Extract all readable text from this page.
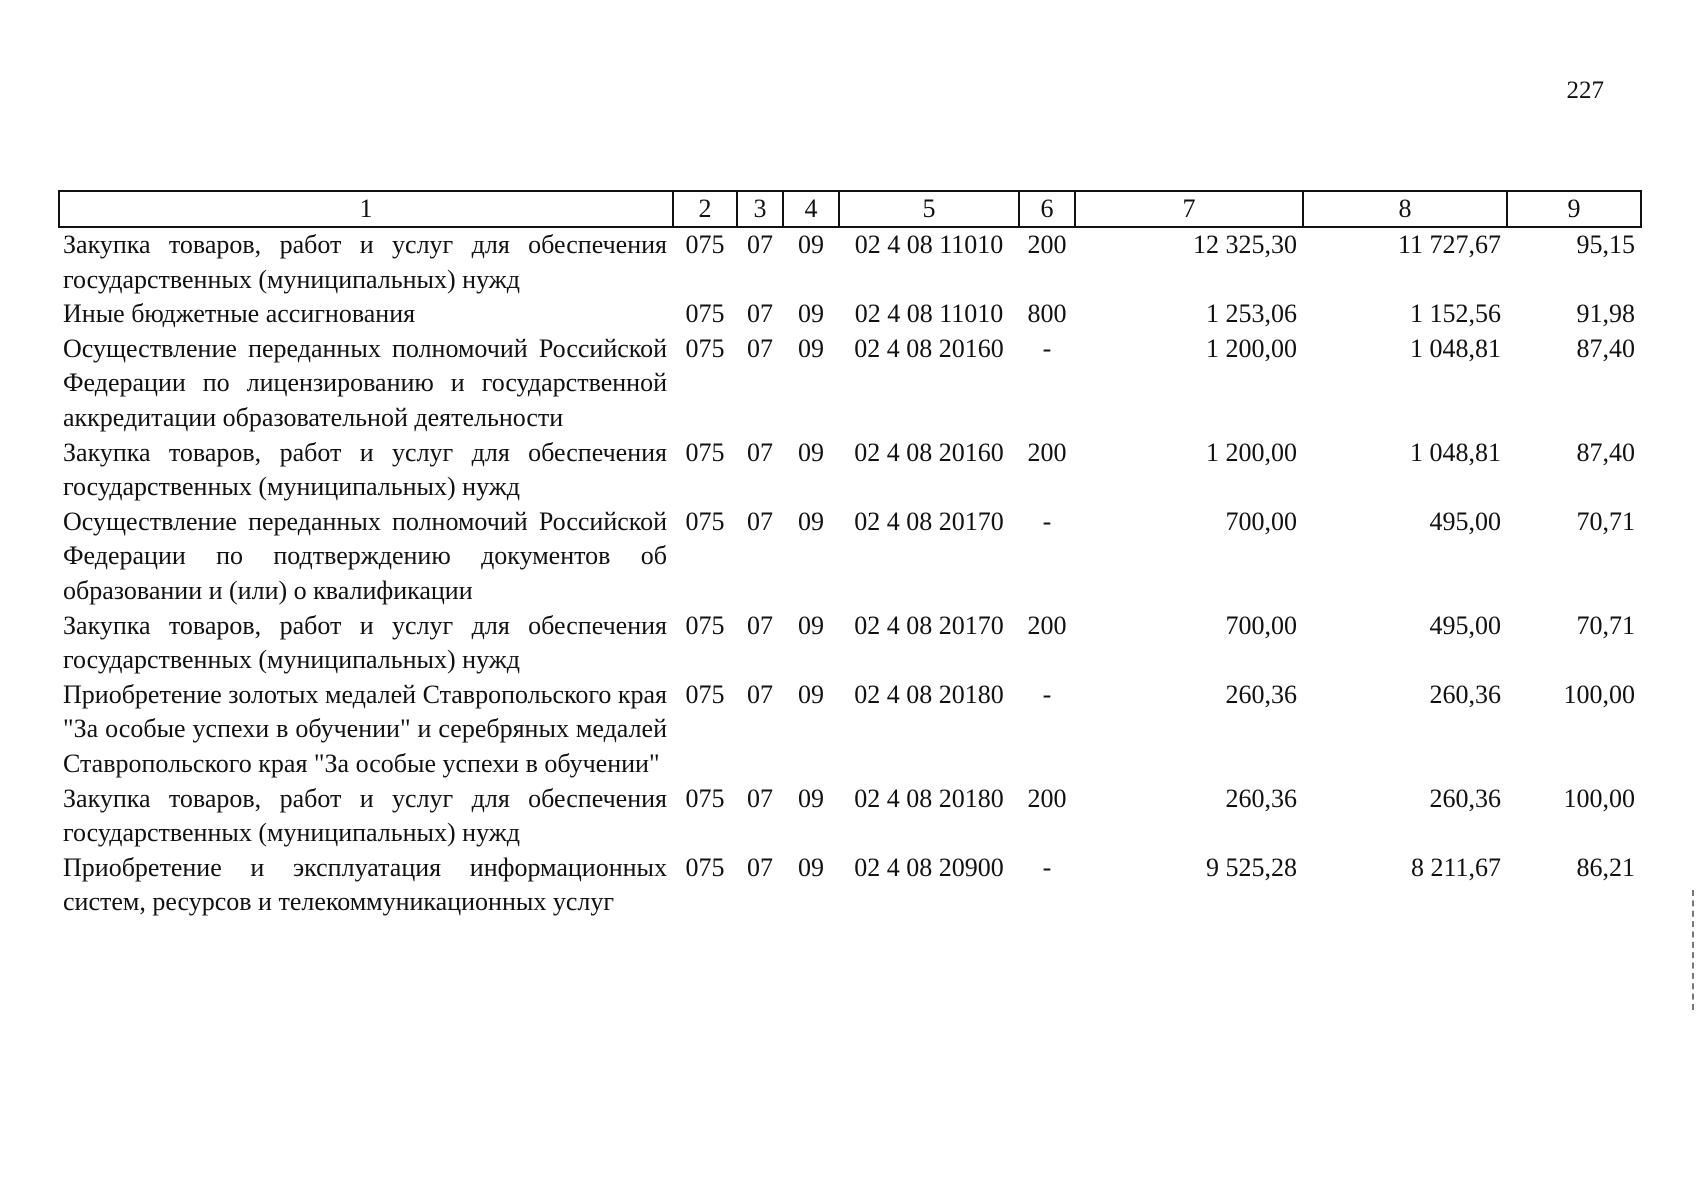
227
1	2	3	4	5	6	7	8	9
Закупка товаров, работ и услуг для обеспечения государственных (муниципальных) нужд	075	07	09	02 4 08 11010	200	12 325,30	11 727,67	95,15
Иные бюджетные ассигнования	075	07	09	02 4 08 11010	800	1 253,06	1 152,56	91,98
Осуществление переданных полномочий Российской Федерации по лицензированию и государственной аккредитации образовательной деятельности	075	07	09	02 4 08 20160	-	1 200,00	1 048,81	87,40
Закупка товаров, работ и услуг для обеспечения государственных (муниципальных) нужд	075	07	09	02 4 08 20160	200	1 200,00	1 048,81	87,40
Осуществление переданных полномочий Российской Федерации по подтверждению документов об образовании и (или) о квалификации	075	07	09	02 4 08 20170	-	700,00	495,00	70,71
Закупка товаров, работ и услуг для обеспечения государственных (муниципальных) нужд	075	07	09	02 4 08 20170	200	700,00	495,00	70,71
Приобретение золотых медалей Ставропольского края "За особые успехи в обучении" и серебряных медалей Ставропольского края "За особые успехи в обучении"	075	07	09	02 4 08 20180	-	260,36	260,36	100,00
Закупка товаров, работ и услуг для обеспечения государственных (муниципальных) нужд	075	07	09	02 4 08 20180	200	260,36	260,36	100,00
Приобретение и эксплуатация информационных систем, ресурсов и телекоммуникационных услуг	075	07	09	02 4 08 20900	-	9 525,28	8 211,67	86,21
